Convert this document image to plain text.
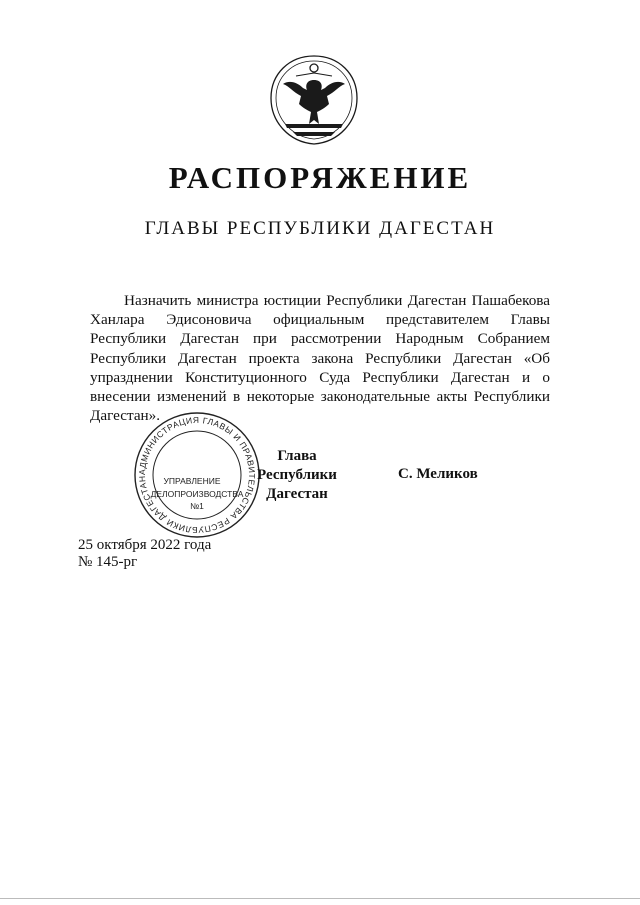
РАСПОРЯЖЕНИЕ
ГЛАВЫ РЕСПУБЛИКИ ДАГЕСТАН
Назначить министра юстиции Республики Дагестан Пашабекова Ханлара Эдисоновича официальным представителем Главы Республики Дагестан при рассмотрении Народным Собранием Республики Дагестан проекта закона Республики Дагестан «Об упразднении Конституционного Суда Республики Дагестан и о внесении изменений в некоторые законодательные акты Республики Дагестан».
АДМИНИСТРАЦИЯ ГЛАВЫ И ПРАВИТЕЛЬСТВА РЕСПУБЛИКИ ДАГЕСТАН	УПРАВЛЕНИЕ
ДЕЛОПРОИЗВОДСТВА
№1
Глава
Республики Дагестан
С. Меликов
25 октября 2022 года
№ 145-рг
